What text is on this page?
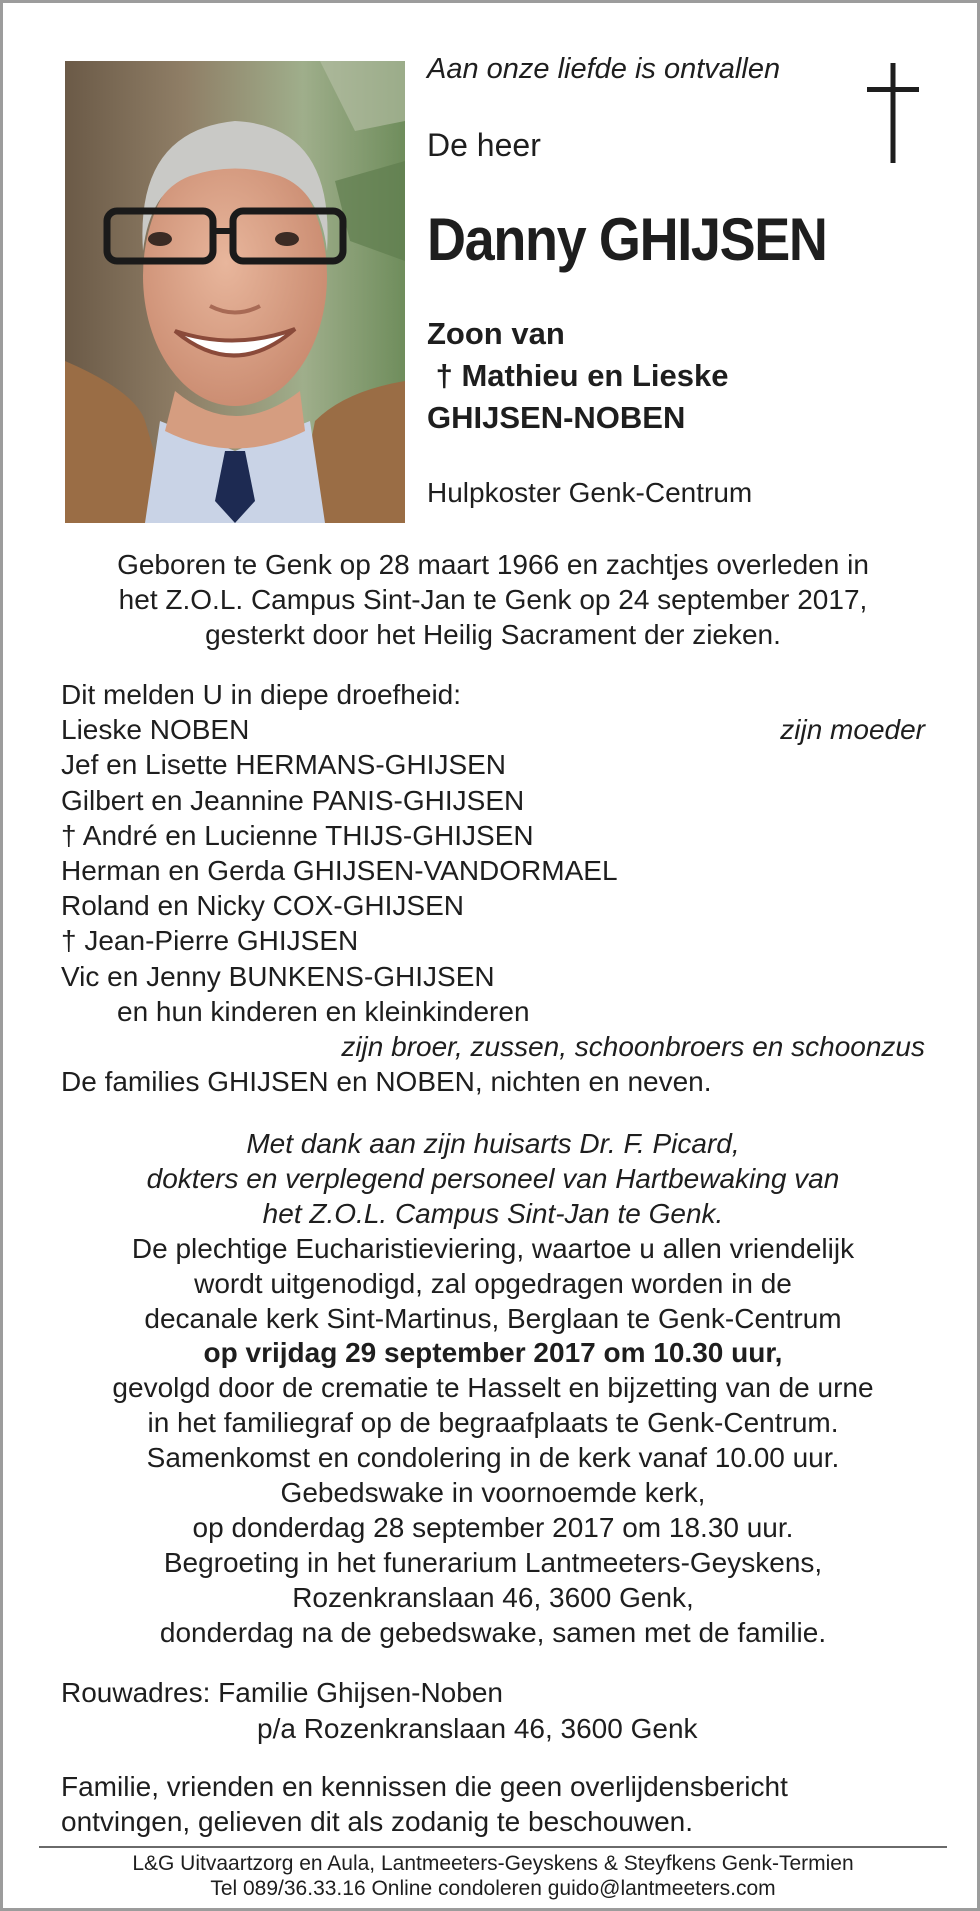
Aan onze liefde is ontvallen
De heer
Danny GHIJSEN
Zoon van
† Mathieu en Lieske
GHIJSEN-NOBEN
Hulpkoster Genk-Centrum
Geboren te Genk op 28 maart 1966 en zachtjes overleden in
het Z.O.L. Campus Sint-Jan te Genk op 24 september 2017,
gesterkt door het Heilig Sacrament der zieken.
Dit melden U in diepe droefheid:
Lieske NOBEN	zijn moeder
Jef en Lisette HERMANS-GHIJSEN
Gilbert en Jeannine PANIS-GHIJSEN
† André en Lucienne THIJS-GHIJSEN
Herman en Gerda GHIJSEN-VANDORMAEL
Roland en Nicky COX-GHIJSEN
† Jean-Pierre GHIJSEN
Vic en Jenny BUNKENS-GHIJSEN
en hun kinderen en kleinkinderen
zijn broer, zussen, schoonbroers en schoonzus
De families GHIJSEN en NOBEN, nichten en neven.
Met dank aan zijn huisarts Dr. F. Picard,
dokters en verplegend personeel van Hartbewaking van
het Z.O.L. Campus Sint-Jan te Genk.
De plechtige Eucharistieviering, waartoe u allen vriendelijk
wordt uitgenodigd, zal opgedragen worden in de
decanale kerk Sint-Martinus, Berglaan te Genk-Centrum
op vrijdag 29 september 2017 om 10.30 uur,
gevolgd door de crematie te Hasselt en bijzetting van de urne
in het familiegraf op de begraafplaats te Genk-Centrum.
Samenkomst en condolering in de kerk vanaf 10.00 uur.
Gebedswake in voornoemde kerk,
op donderdag 28 september 2017 om 18.30 uur.
Begroeting in het funerarium Lantmeeters-Geyskens,
Rozenkranslaan 46, 3600 Genk,
donderdag na de gebedswake, samen met de familie.
Rouwadres: Familie Ghijsen-Noben
p/a Rozenkranslaan 46, 3600 Genk
Familie, vrienden en kennissen die geen overlijdensbericht
ontvingen, gelieven dit als zodanig te beschouwen.
L&G Uitvaartzorg en Aula, Lantmeeters-Geyskens & Steyfkens Genk-Termien
Tel 089/36.33.16 Online condoleren guido@lantmeeters.com
